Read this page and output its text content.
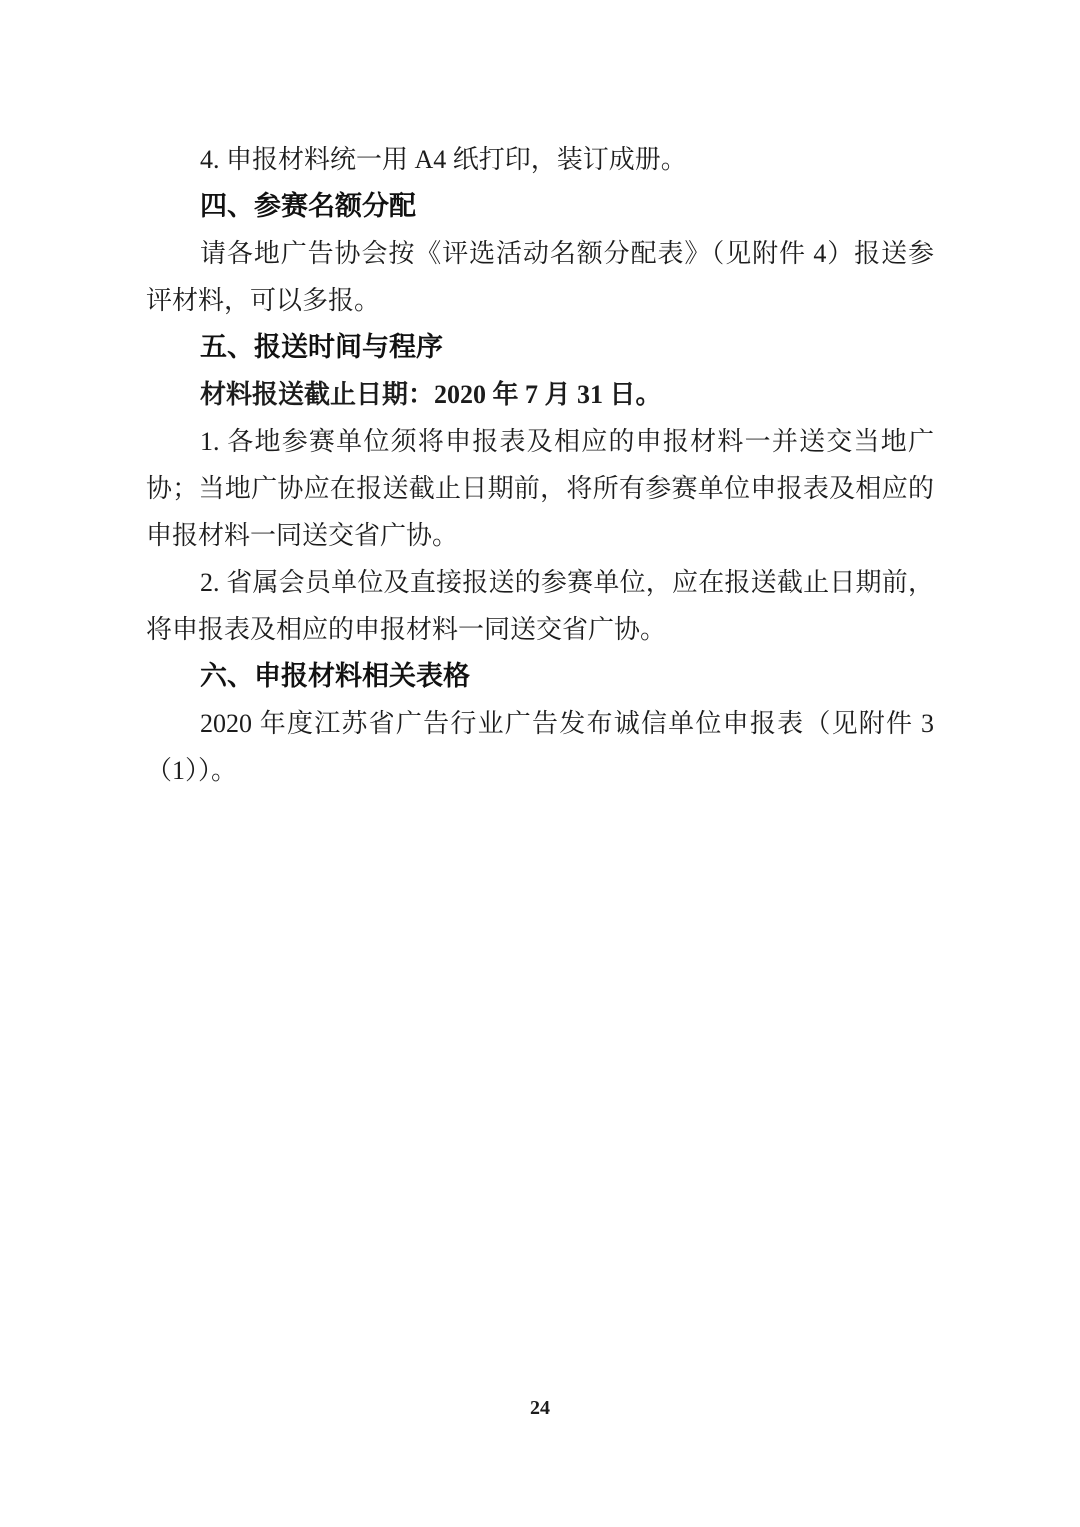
4. 申报材料统一用 A4 纸打印，装订成册。
四、参赛名额分配
请各地广告协会按《评选活动名额分配表》（见附件 4）报送参
评材料，可以多报。
五、报送时间与程序
材料报送截止日期：2020 年 7 月 31 日。
1. 各地参赛单位须将申报表及相应的申报材料一并送交当地广
协；当地广协应在报送截止日期前，将所有参赛单位申报表及相应的
申报材料一同送交省广协。
2. 省属会员单位及直接报送的参赛单位，应在报送截止日期前，
将申报表及相应的申报材料一同送交省广协。
六、申报材料相关表格
2020 年度江苏省广告行业广告发布诚信单位申报表（见附件 3
（1））。
24
